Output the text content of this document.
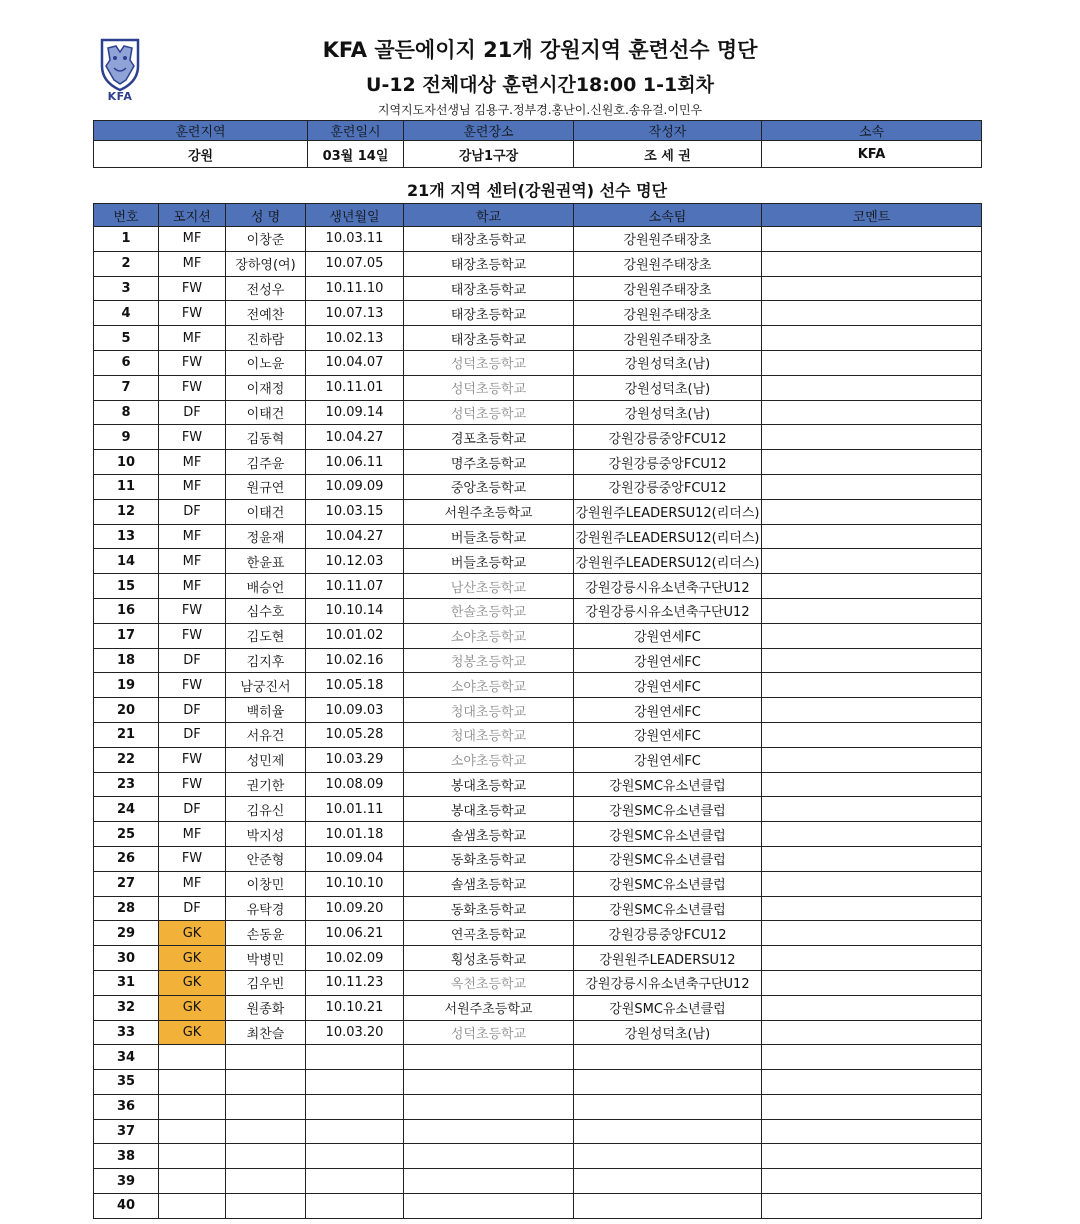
KFA
KFA 골든에이지 21개 강원지역 훈련선수 명단
U-12 전체대상 훈련시간18:00 1-1회차
지역지도자선생님 김용구.정부경.홍난이.신원호.송유걸.이민우
훈련지역	훈련일시	훈련장소	작성자	소속
강원	03월 14일	강남1구장	조 세 권	KFA
21개 지역 센터(강원권역) 선수 명단
번호	포지션	성 명	생년월일	학교	소속팀	코멘트
1	MF	이창준	10.03.11	태장초등학교	강원원주태장초	
2	MF	장하영(여)	10.07.05	태장초등학교	강원원주태장초	
3	FW	전성우	10.11.10	태장초등학교	강원원주태장초	
4	FW	전예찬	10.07.13	태장초등학교	강원원주태장초	
5	MF	진하람	10.02.13	태장초등학교	강원원주태장초	
6	FW	이노윤	10.04.07	성덕초등학교	강원성덕초(남)	
7	FW	이재정	10.11.01	성덕초등학교	강원성덕초(남)	
8	DF	이태건	10.09.14	성덕초등학교	강원성덕초(남)	
9	FW	김동혁	10.04.27	경포초등학교	강원강릉중앙FCU12	
10	MF	김주윤	10.06.11	명주초등학교	강원강릉중앙FCU12	
11	MF	원규연	10.09.09	중앙초등학교	강원강릉중앙FCU12	
12	DF	이태건	10.03.15	서원주초등학교	강원원주LEADERSU12(리더스)	
13	MF	정윤재	10.04.27	버들초등학교	강원원주LEADERSU12(리더스)	
14	MF	한윤표	10.12.03	버들초등학교	강원원주LEADERSU12(리더스)	
15	MF	배승언	10.11.07	남산초등학교	강원강릉시유소년축구단U12	
16	FW	심수호	10.10.14	한솔초등학교	강원강릉시유소년축구단U12	
17	FW	김도현	10.01.02	소야초등학교	강원연세FC	
18	DF	김지후	10.02.16	청봉초등학교	강원연세FC	
19	FW	남궁진서	10.05.18	소야초등학교	강원연세FC	
20	DF	백히율	10.09.03	청대초등학교	강원연세FC	
21	DF	서유건	10.05.28	청대초등학교	강원연세FC	
22	FW	성민제	10.03.29	소야초등학교	강원연세FC	
23	FW	권기한	10.08.09	봉대초등학교	강원SMC유소년클럽	
24	DF	김유신	10.01.11	봉대초등학교	강원SMC유소년클럽	
25	MF	박지성	10.01.18	솔샘초등학교	강원SMC유소년클럽	
26	FW	안준형	10.09.04	동화초등학교	강원SMC유소년클럽	
27	MF	이창민	10.10.10	솔샘초등학교	강원SMC유소년클럽	
28	DF	유탁경	10.09.20	동화초등학교	강원SMC유소년클럽	
29	GK	손동윤	10.06.21	연곡초등학교	강원강릉중앙FCU12	
30	GK	박병민	10.02.09	횡성초등학교	강원원주LEADERSU12	
31	GK	김우빈	10.11.23	옥천초등학교	강원강릉시유소년축구단U12	
32	GK	원종화	10.10.21	서원주초등학교	강원SMC유소년클럽	
33	GK	최찬슬	10.03.20	성덕초등학교	강원성덕초(남)	
34						
35						
36						
37						
38						
39						
40						
